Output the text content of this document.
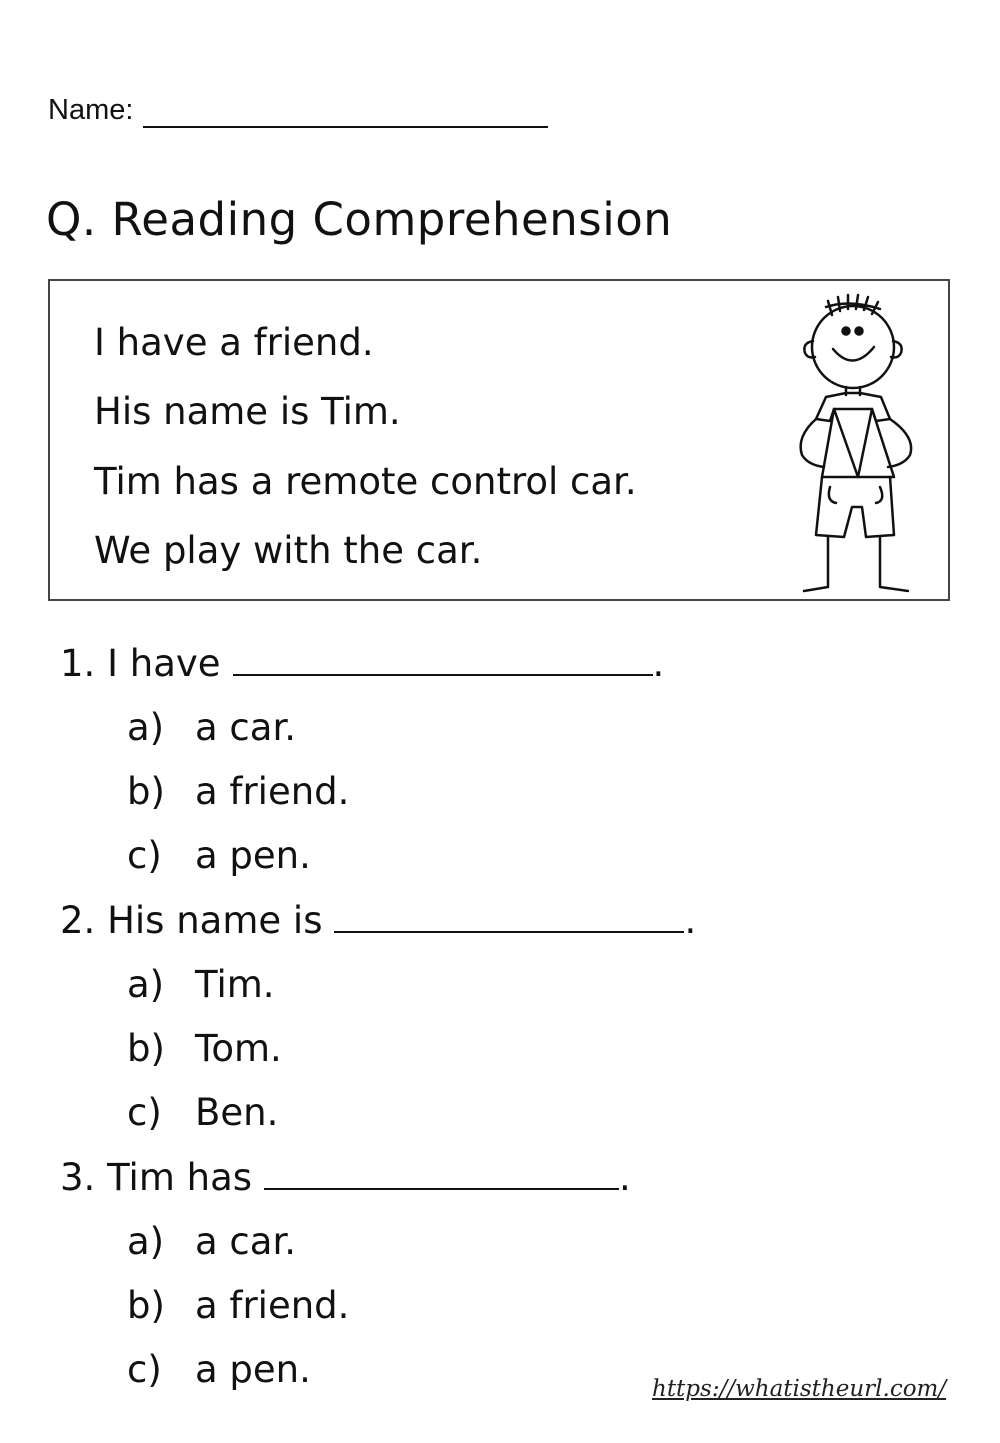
Name:
Q. Reading Comprehension
I have a friend.
His name is Tim.
Tim has a remote control car.
We play with the car.
1. I have	.
a) a car.
b) a friend.
c) a pen.
2. His name is	.
a) Tim.
b) Tom.
c) Ben.
3. Tim has	.
a) a car.
b) a friend.
c) a pen.	https://whatistheurl.com/
